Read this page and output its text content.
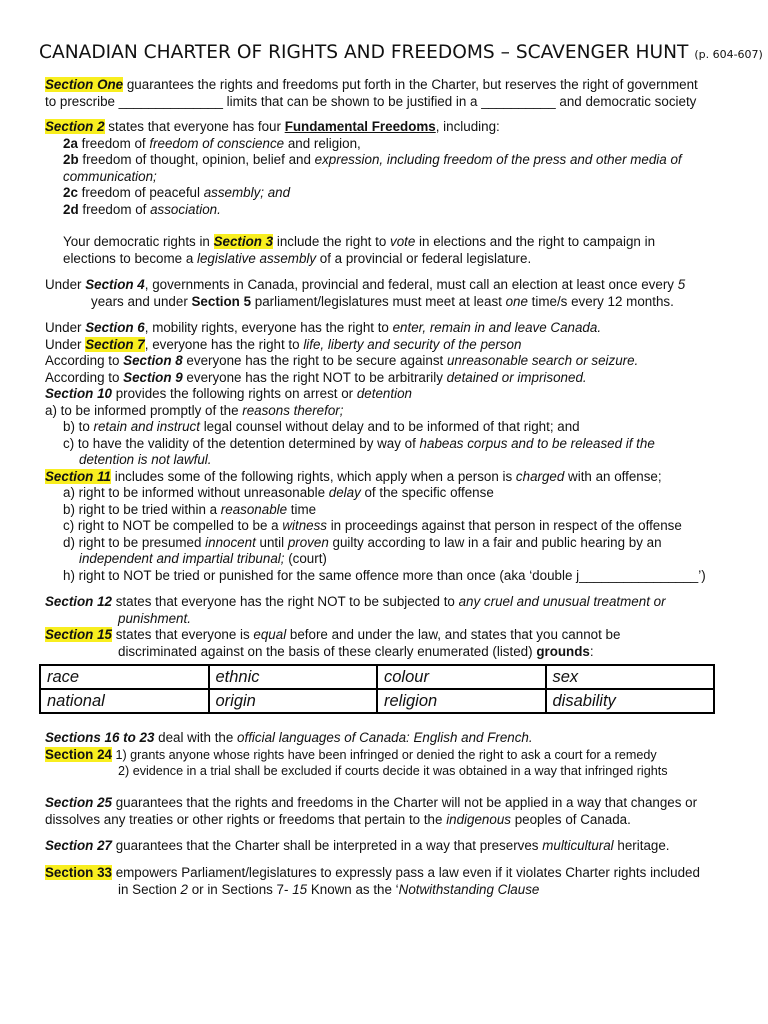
CANADIAN CHARTER OF RIGHTS AND FREEDOMS – SCAVENGER HUNT (p. 604-607)
Section One guarantees the rights and freedoms put forth in the Charter, but reserves the right of government
to prescribe ______________ limits that can be shown to be justified in a __________ and democratic society
Section 2 states that everyone has four Fundamental Freedoms, including:
2a freedom of freedom of conscience and religion,
2b freedom of thought, opinion, belief and expression, including freedom of the press and other media of
communication;
2c freedom of peaceful assembly; and
2d freedom of association.
Your democratic rights in Section 3 include the right to vote in elections and the right to campaign in
elections to become a legislative assembly of a provincial or federal legislature.
Under Section 4, governments in Canada, provincial and federal, must call an election at least once every 5
years and under Section 5 parliament/legislatures must meet at least one time/s every 12 months.
Under Section 6, mobility rights, everyone has the right to enter, remain in and leave Canada.
Under Section 7, everyone has the right to life, liberty and security of the person
According to Section 8 everyone has the right to be secure against unreasonable search or seizure.
According to Section 9 everyone has the right NOT to be arbitrarily detained or imprisoned.
Section 10 provides the following rights on arrest or detention
a) to be informed promptly of the reasons therefor;
b) to retain and instruct legal counsel without delay and to be informed of that right; and
c) to have the validity of the detention determined by way of habeas corpus and to be released if the
detention is not lawful.
Section 11 includes some of the following rights, which apply when a person is charged with an offense;
a) right to be informed without unreasonable delay of the specific offense
b) right to be tried within a reasonable time
c) right to NOT be compelled to be a witness in proceedings against that person in respect of the offense
d) right to be presumed innocent until proven guilty according to law in a fair and public hearing by an
independent and impartial tribunal; (court)
h) right to NOT be tried or punished for the same offence more than once (aka ‘double j________________’)
Section 12 states that everyone has the right NOT to be subjected to any cruel and unusual treatment or
punishment.
Section 15 states that everyone is equal before and under the law, and states that you cannot be
discriminated against on the basis of these clearly enumerated (listed) grounds:
race	ethnic	colour	sex
national	origin	religion	disability
Sections 16 to 23 deal with the official languages of Canada: English and French.
Section 24 1) grants anyone whose rights have been infringed or denied the right to ask a court for a remedy
2) evidence in a trial shall be excluded if courts decide it was obtained in a way that infringed rights
Section 25 guarantees that the rights and freedoms in the Charter will not be applied in a way that changes or
dissolves any treaties or other rights or freedoms that pertain to the indigenous peoples of Canada.
Section 27 guarantees that the Charter shall be interpreted in a way that preserves multicultural heritage.
Section 33 empowers Parliament/legislatures to expressly pass a law even if it violates Charter rights included
in Section 2 or in Sections 7- 15 Known as the ‘Notwithstanding Clause
